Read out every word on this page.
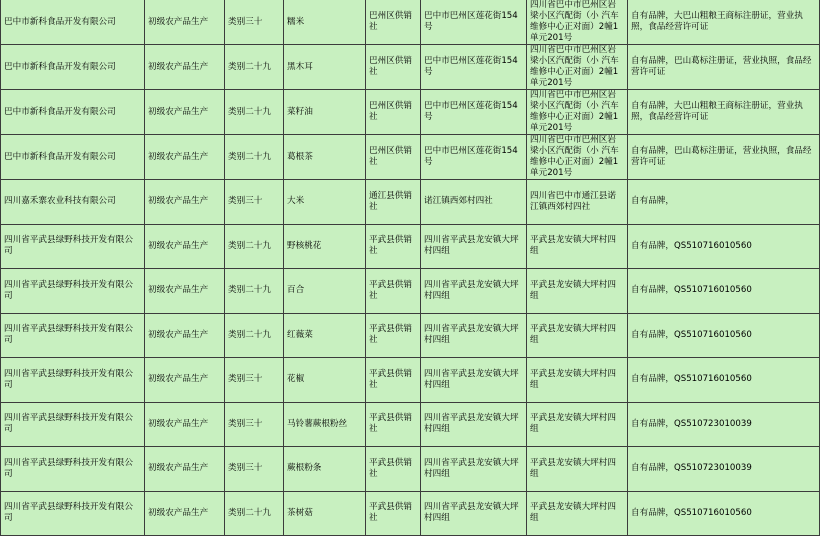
巴中市新科食品开发有限公司	初级农产品生产	类别三十	糯米	巴州区供销社	巴中市巴州区莲花街154号	四川省巴中市巴州区岩梁小区汽配街（小 汽车维修中心正对面）2幢1单元201号	自有品牌，大巴山粗粮王商标注册证，营业执照，食品经营许可证
巴中市新科食品开发有限公司	初级农产品生产	类别二十九	黑木耳	巴州区供销社	巴中市巴州区莲花街154号	四川省巴中市巴州区岩梁小区汽配街（小 汽车维修中心正对面）2幢1单元201号	自有品牌，巴山葛标注册证，营业执照，食品经营许可证
巴中市新科食品开发有限公司	初级农产品生产	类别二十九	菜籽油	巴州区供销社	巴中市巴州区莲花街154号	四川省巴中市巴州区岩梁小区汽配街（小 汽车维修中心正对面）2幢1单元201号	自有品牌，大巴山粗粮王商标注册证，营业执照，食品经营许可证
巴中市新科食品开发有限公司	初级农产品生产	类别二十九	葛根茶	巴州区供销社	巴中市巴州区莲花街154号	四川省巴中市巴州区岩梁小区汽配街（小 汽车维修中心正对面）2幢1单元201号	自有品牌，巴山葛标注册证，营业执照，食品经营许可证
四川嘉禾寨农业科技有限公司	初级农产品生产	类别三十	大米	通江县供销社	诺江镇西郊村四社	四川省巴中市通江县诺江镇西郊村四社	自有品牌，
四川省平武县绿野科技开发有限公司	初级农产品生产	类别二十九	野核桃花	平武县供销社	四川省平武县龙安镇大坪村四组	平武县龙安镇大坪村四组	自有品牌，QS510716010560
四川省平武县绿野科技开发有限公司	初级农产品生产	类别二十九	百合	平武县供销社	四川省平武县龙安镇大坪村四组	平武县龙安镇大坪村四组	自有品牌，QS510716010560
四川省平武县绿野科技开发有限公司	初级农产品生产	类别二十九	红薇菜	平武县供销社	四川省平武县龙安镇大坪村四组	平武县龙安镇大坪村四组	自有品牌，QS510716010560
四川省平武县绿野科技开发有限公司	初级农产品生产	类别三十	花椒	平武县供销社	四川省平武县龙安镇大坪村四组	平武县龙安镇大坪村四组	自有品牌，QS510716010560
四川省平武县绿野科技开发有限公司	初级农产品生产	类别三十	马铃薯蕨根粉丝	平武县供销社	四川省平武县龙安镇大坪村四组	平武县龙安镇大坪村四组	自有品牌，QS510723010039
四川省平武县绿野科技开发有限公司	初级农产品生产	类别三十	蕨根粉条	平武县供销社	四川省平武县龙安镇大坪村四组	平武县龙安镇大坪村四组	自有品牌，QS510723010039
四川省平武县绿野科技开发有限公司	初级农产品生产	类别二十九	茶树菇	平武县供销社	四川省平武县龙安镇大坪村四组	平武县龙安镇大坪村四组	自有品牌，QS510716010560
